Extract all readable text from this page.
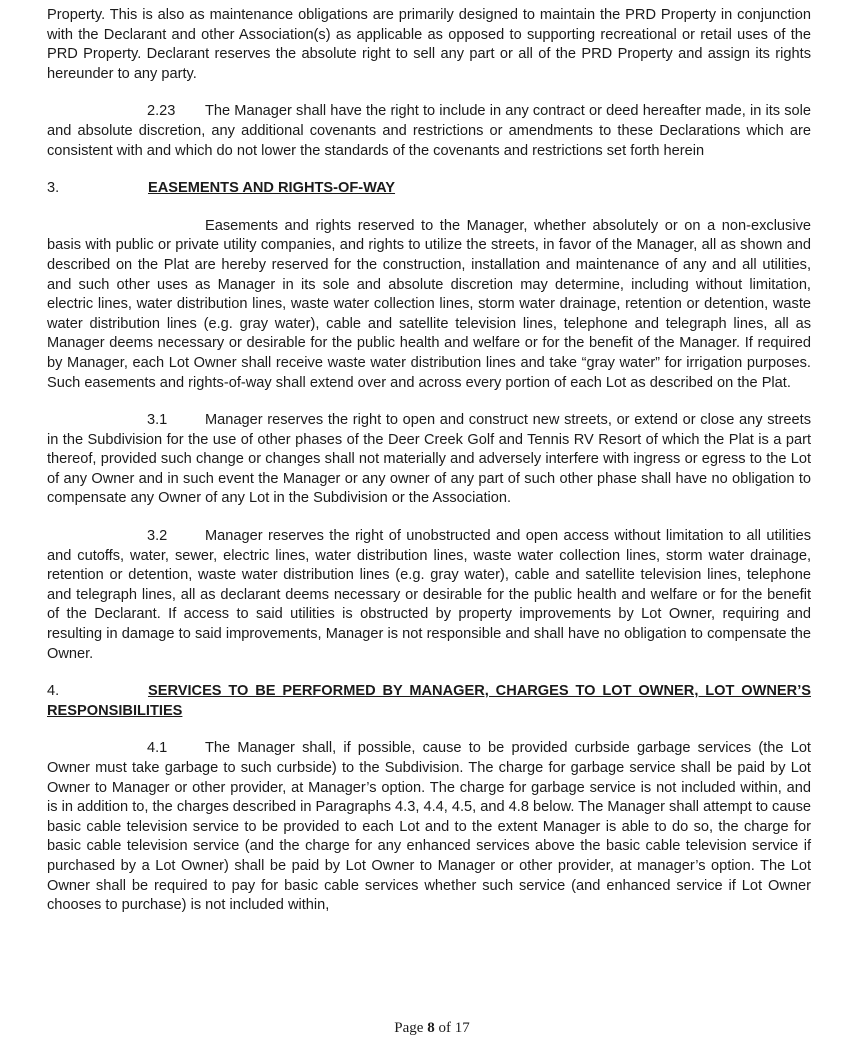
Property. This is also as maintenance obligations are primarily designed to maintain the PRD Property in conjunction with the Declarant and other Association(s) as applicable as opposed to supporting recreational or retail uses of the PRD Property. Declarant reserves the absolute right to sell any part or all of the PRD Property and assign its rights hereunder to any party.

2.23 The Manager shall have the right to include in any contract or deed hereafter made, in its sole and absolute discretion, any additional covenants and restrictions or amendments to these Declarations which are consistent with and which do not lower the standards of the covenants and restrictions set forth herein

3.	EASEMENTS AND RIGHTS-OF-WAY

Easements and rights reserved to the Manager, whether absolutely or on a non-exclusive basis with public or private utility companies, and rights to utilize the streets, in favor of the Manager, all as shown and described on the Plat are hereby reserved for the construction, installation and maintenance of any and all utilities, and such other uses as Manager in its sole and absolute discretion may determine, including without limitation, electric lines, water distribution lines, waste water collection lines, storm water drainage, retention or detention, waste water distribution lines (e.g. gray water), cable and satellite television lines, telephone and telegraph lines, all as Manager deems necessary or desirable for the public health and welfare or for the benefit of the Manager. If required by Manager, each Lot Owner shall receive waste water distribution lines and take “gray water” for irrigation purposes. Such easements and rights-of-way shall extend over and across every portion of each Lot as described on the Plat.

3.1	Manager reserves the right to open and construct new streets, or extend or close any streets in the Subdivision for the use of other phases of the Deer Creek Golf and Tennis RV Resort of which the Plat is a part thereof, provided such change or changes shall not materially and adversely interfere with ingress or egress to the Lot of any Owner and in such event the Manager or any owner of any part of such other phase shall have no obligation to compensate any Owner of any Lot in the Subdivision or the Association.

3.2	Manager reserves the right of unobstructed and open access without limitation to all utilities and cutoffs, water, sewer, electric lines, water distribution lines, waste water collection lines, storm water drainage, retention or detention, waste water distribution lines (e.g. gray water), cable and satellite television lines, telephone and telegraph lines, all as declarant deems necessary or desirable for the public health and welfare or for the benefit of the Declarant. If access to said utilities is obstructed by property improvements by Lot Owner, requiring and resulting in damage to said improvements, Manager is not responsible and shall have no obligation to compensate the Owner.

4.	SERVICES TO BE PERFORMED BY MANAGER, CHARGES TO LOT OWNER, LOT OWNER’S RESPONSIBILITIES

4.1	The Manager shall, if possible, cause to be provided curbside garbage services (the Lot Owner must take garbage to such curbside) to the Subdivision. The charge for garbage service shall be paid by Lot Owner to Manager or other provider, at Manager’s option. The charge for garbage service is not included within, and is in addition to, the charges described in Paragraphs 4.3, 4.4, 4.5, and 4.8 below. The Manager shall attempt to cause basic cable television service to be provided to each Lot and to the extent Manager is able to do so, the charge for basic cable television service (and the charge for any enhanced services above the basic cable television service if purchased by a Lot Owner) shall be paid by Lot Owner to Manager or other provider, at manager’s option. The Lot Owner shall be required to pay for basic cable services whether such service (and enhanced service if Lot Owner chooses to purchase) is not included within,

Page 8 of 17
